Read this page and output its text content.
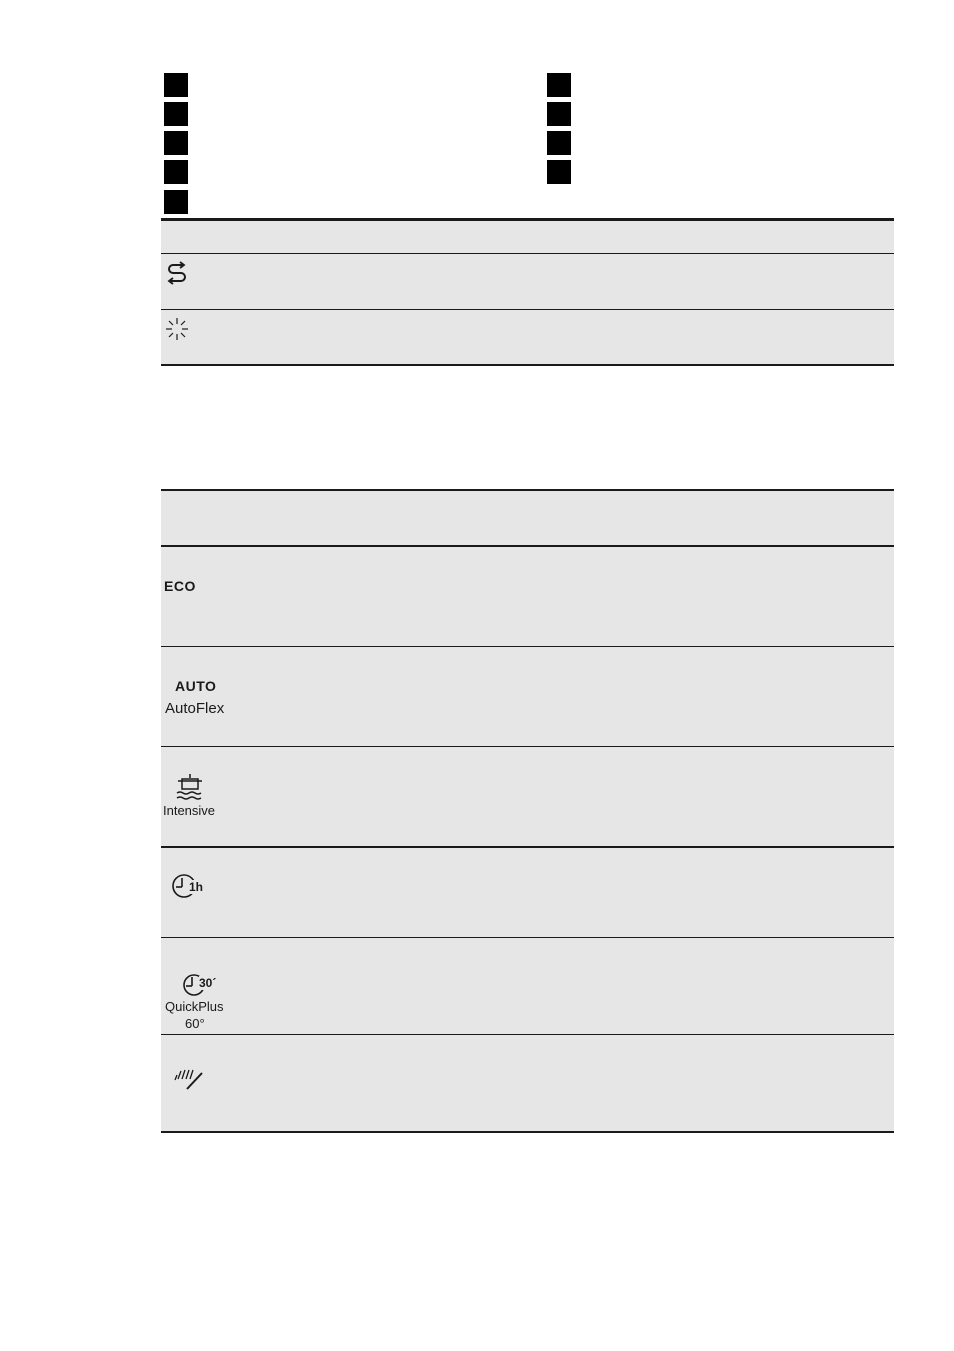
ECO
AUTO
AutoFlex
Intensive
1h
30´
QuickPlus
60°
